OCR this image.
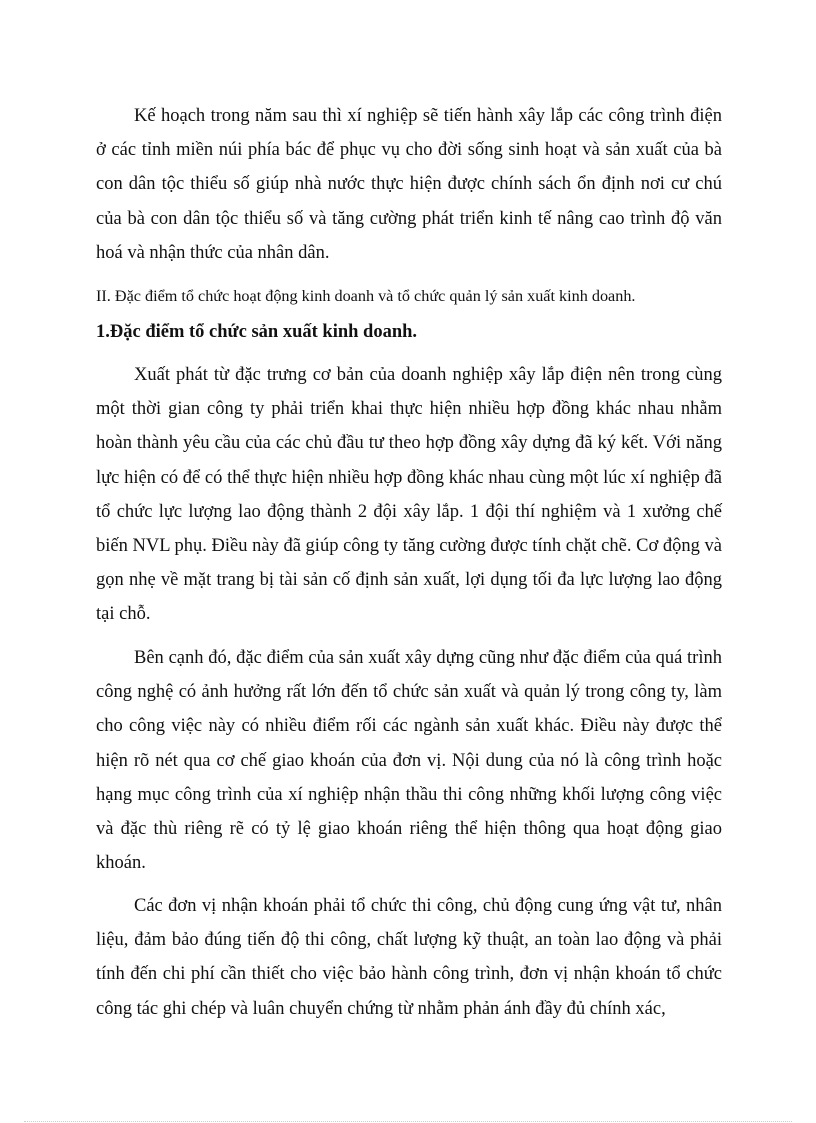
Kế hoạch trong năm sau thì xí nghiệp sẽ tiến hành xây lắp các công trình điện ở các tỉnh miền núi phía bác để phục vụ cho đời sống sinh hoạt và sản xuất của bà con dân tộc thiểu số giúp nhà nước thực hiện được chính sách ổn định nơi cư chú của bà con dân tộc thiểu số và tăng cường phát triển kinh tế nâng cao trình độ văn hoá và nhận thức của nhân dân.

II. Đặc điểm tổ chức hoạt động kinh doanh và tổ chức quản lý sản xuất kinh doanh.

1.Đặc điểm tổ chức sản xuất kinh doanh.

Xuất phát từ đặc trưng cơ bản của doanh nghiệp xây lắp điện nên trong cùng một thời gian công ty phải triển khai thực hiện nhiều hợp đồng khác nhau nhằm hoàn thành yêu cầu của các chủ đầu tư theo hợp đồng xây dựng đã ký kết. Với năng lực hiện có để có thể thực hiện nhiều hợp đồng khác nhau cùng một lúc xí nghiệp đã tổ chức lực lượng lao động thành 2 đội xây lắp. 1 đội thí nghiệm và 1 xưởng chế biến NVL phụ. Điều này đã giúp công ty tăng cường được tính chặt chẽ. Cơ động và gọn nhẹ về mặt trang bị tài sản cố định sản xuất, lợi dụng tối đa lực lượng lao động tại chỗ.

Bên cạnh đó, đặc điểm của sản xuất xây dựng cũng như đặc điểm của quá trình công nghệ có ảnh hưởng rất lớn đến tổ chức sản xuất và quản lý trong công ty, làm cho công việc này có nhiều điểm rối các ngành sản xuất khác. Điều này được thể hiện rõ nét qua cơ chế giao khoán của đơn vị. Nội dung của nó là công trình hoặc hạng mục công trình của xí nghiệp nhận thầu thi công những khối lượng công việc và đặc thù riêng rẽ có tỷ lệ giao khoán riêng thể hiện thông qua hoạt động giao khoán.

Các đơn vị nhận khoán phải tổ chức thi công, chủ động cung ứng vật tư, nhân liệu, đảm bảo đúng tiến độ thi công, chất lượng kỹ thuật, an toàn lao động và phải tính đến chi phí cần thiết cho việc bảo hành công trình, đơn vị nhận khoán tổ chức công tác ghi chép và luân chuyển chứng từ nhằm phản ánh đầy đủ chính xác,
